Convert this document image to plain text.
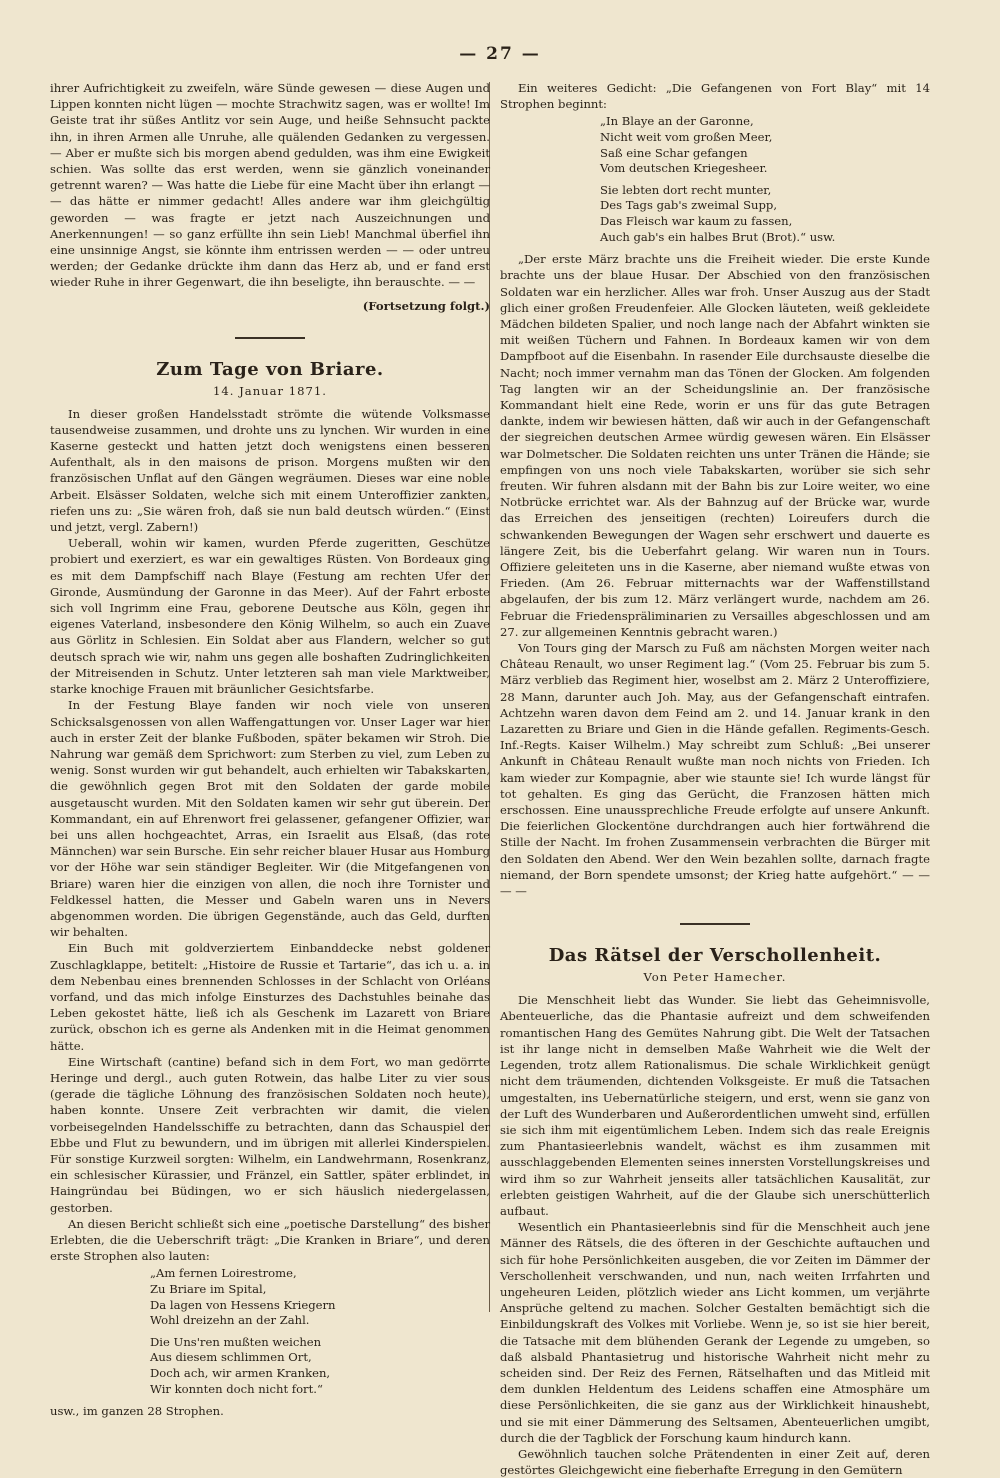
— 27 —

ihrer Aufrichtigkeit zu zweifeln, wäre Sünde gewesen — diese Augen und Lippen konnten nicht lügen — mochte Strachwitz sagen, was er wollte! Im Geiste trat ihr süßes Antlitz vor sein Auge, und heiße Sehnsucht packte ihn, in ihren Armen alle Unruhe, alle quälenden Gedanken zu vergessen. — Aber er mußte sich bis morgen abend gedulden, was ihm eine Ewigkeit schien. Was sollte das erst werden, wenn sie gänzlich voneinander getrennt waren? — Was hatte die Liebe für eine Macht über ihn erlangt — — das hätte er nimmer gedacht! Alles andere war ihm gleichgültig geworden — was fragte er jetzt nach Auszeichnungen und Anerkennungen! — so ganz erfüllte ihn sein Lieb! Manchmal überfiel ihn eine unsinnige Angst, sie könnte ihm entrissen werden — — oder untreu werden; der Gedanke drückte ihm dann das Herz ab, und er fand erst wieder Ruhe in ihrer Gegenwart, die ihn beseligte, ihn berauschte. — —

(Fortsetzung folgt.)
Zum Tage von Briare.
14. Januar 1871.

In dieser großen Handelsstadt strömte die wütende Volksmasse tausendweise zusammen, und drohte uns zu lynchen. Wir wurden in eine Kaserne gesteckt und hatten jetzt doch wenigstens einen besseren Aufenthalt, als in den maisons de prison. Morgens mußten wir den französischen Unflat auf den Gängen wegräumen. Dieses war eine noble Arbeit. Elsässer Soldaten, welche sich mit einem Unteroffizier zankten, riefen uns zu: „Sie wären froh, daß sie nun bald deutsch würden.“ (Einst und jetzt, vergl. Zabern!)

Ueberall, wohin wir kamen, wurden Pferde zugeritten, Geschütze probiert und exerziert, es war ein gewaltiges Rüsten. Von Bordeaux ging es mit dem Dampfschiff nach Blaye (Festung am rechten Ufer der Gironde, Ausmündung der Garonne in das Meer). Auf der Fahrt erboste sich voll Ingrimm eine Frau, geborene Deutsche aus Köln, gegen ihr eigenes Vaterland, insbesondere den König Wilhelm, so auch ein Zuave aus Görlitz in Schlesien. Ein Soldat aber aus Flandern, welcher so gut deutsch sprach wie wir, nahm uns gegen alle boshaften Zudringlichkeiten der Mitreisenden in Schutz. Unter letzteren sah man viele Marktweiber, starke knochige Frauen mit bräunlicher Gesichtsfarbe.

In der Festung Blaye fanden wir noch viele von unseren Schicksalsgenossen von allen Waffengattungen vor. Unser Lager war hier auch in erster Zeit der blanke Fußboden, später bekamen wir Stroh. Die Nahrung war gemäß dem Sprichwort: zum Sterben zu viel, zum Leben zu wenig. Sonst wurden wir gut behandelt, auch erhielten wir Tabakskarten, die gewöhnlich gegen Brot mit den Soldaten der garde mobile ausgetauscht wurden. Mit den Soldaten kamen wir sehr gut überein. Der Kommandant, ein auf Ehrenwort frei gelassener, gefangener Offizier, war bei uns allen hochgeachtet, Arras, ein Israelit aus Elsaß, (das rote Männchen) war sein Bursche. Ein sehr reicher blauer Husar aus Homburg vor der Höhe war sein ständiger Begleiter. Wir (die Mitgefangenen von Briare) waren hier die einzigen von allen, die noch ihre Tornister und Feldkessel hatten, die Messer und Gabeln waren uns in Nevers abgenommen worden. Die übrigen Gegenstände, auch das Geld, durften wir behalten.

Ein Buch mit goldverziertem Einbanddecke nebst goldener Zuschlagklappe, betitelt: „Histoire de Russie et Tartarie“, das ich u. a. in dem Nebenbau eines brennenden Schlosses in der Schlacht von Orléans vorfand, und das mich infolge Einsturzes des Dachstuhles beinahe das Leben gekostet hätte, ließ ich als Geschenk im Lazarett von Briare zurück, obschon ich es gerne als Andenken mit in die Heimat genommen hätte.

Eine Wirtschaft (cantine) befand sich in dem Fort, wo man gedörrte Heringe und dergl., auch guten Rotwein, das halbe Liter zu vier sous (gerade die tägliche Löhnung des französischen Soldaten noch heute), haben konnte. Unsere Zeit verbrachten wir damit, die vielen vorbeisegelnden Handelsschiffe zu betrachten, dann das Schauspiel der Ebbe und Flut zu bewundern, und im übrigen mit allerlei Kinderspielen. Für sonstige Kurzweil sorgten: Wilhelm, ein Landwehrmann, Rosenkranz, ein schlesischer Kürassier, und Fränzel, ein Sattler, später erblindet, in Haingründau bei Büdingen, wo er sich häuslich niedergelassen, gestorben.

An diesen Bericht schließt sich eine „poetische Darstellung“ des bisher Erlebten, die die Ueberschrift trägt: „Die Kranken in Briare“, und deren erste Strophen also lauten:

„Am fernen Loirestrome,
Zu Briare im Spital,
Da lagen von Hessens Kriegern
Wohl dreizehn an der Zahl.
Die Uns'ren mußten weichen
Aus diesem schlimmen Ort,
Doch ach, wir armen Kranken,
Wir konnten doch nicht fort.“

usw., im ganzen 28 Strophen.

Ein weiteres Gedicht: „Die Gefangenen von Fort Blay“ mit 14 Strophen beginnt:

„In Blaye an der Garonne,
Nicht weit vom großen Meer,
Saß eine Schar gefangen
Vom deutschen Kriegesheer.
Sie lebten dort recht munter,
Des Tags gab's zweimal Supp,
Das Fleisch war kaum zu fassen,
Auch gab's ein halbes Brut (Brot).“ usw.

„Der erste März brachte uns die Freiheit wieder. Die erste Kunde brachte uns der blaue Husar. Der Abschied von den französischen Soldaten war ein herzlicher. Alles war froh. Unser Auszug aus der Stadt glich einer großen Freudenfeier. Alle Glocken läuteten, weiß gekleidete Mädchen bildeten Spalier, und noch lange nach der Abfahrt winkten sie mit weißen Tüchern und Fahnen. In Bordeaux kamen wir von dem Dampfboot auf die Eisenbahn. In rasender Eile durchsauste dieselbe die Nacht; noch immer vernahm man das Tönen der Glocken. Am folgenden Tag langten wir an der Scheidungslinie an. Der französische Kommandant hielt eine Rede, worin er uns für das gute Betragen dankte, indem wir bewiesen hätten, daß wir auch in der Gefangenschaft der siegreichen deutschen Armee würdig gewesen wären. Ein Elsässer war Dolmetscher. Die Soldaten reichten uns unter Tränen die Hände; sie empfingen von uns noch viele Tabakskarten, worüber sie sich sehr freuten. Wir fuhren alsdann mit der Bahn bis zur Loire weiter, wo eine Notbrücke errichtet war. Als der Bahnzug auf der Brücke war, wurde das Erreichen des jenseitigen (rechten) Loireufers durch die schwankenden Bewegungen der Wagen sehr erschwert und dauerte es längere Zeit, bis die Ueberfahrt gelang. Wir waren nun in Tours. Offiziere geleiteten uns in die Kaserne, aber niemand wußte etwas von Frieden. (Am 26. Februar mitternachts war der Waffenstillstand abgelaufen, der bis zum 12. März verlängert wurde, nachdem am 26. Februar die Friedenspräliminarien zu Versailles abgeschlossen und am 27. zur allgemeinen Kenntnis gebracht waren.)

Von Tours ging der Marsch zu Fuß am nächsten Morgen weiter nach Château Renault, wo unser Regiment lag.“ (Vom 25. Februar bis zum 5. März verblieb das Regiment hier, woselbst am 2. März 2 Unteroffiziere, 28 Mann, darunter auch Joh. May, aus der Gefangenschaft eintrafen. Achtzehn waren davon dem Feind am 2. und 14. Januar krank in den Lazaretten zu Briare und Gien in die Hände gefallen. Regiments-Gesch. Inf.-Regts. Kaiser Wilhelm.) May schreibt zum Schluß: „Bei unserer Ankunft in Château Renault wußte man noch nichts von Frieden. Ich kam wieder zur Kompagnie, aber wie staunte sie! Ich wurde längst für tot gehalten. Es ging das Gerücht, die Franzosen hätten mich erschossen. Eine unaussprechliche Freude erfolgte auf unsere Ankunft. Die feierlichen Glockentöne durchdrangen auch hier fortwährend die Stille der Nacht. Im frohen Zusammensein verbrachten die Bürger mit den Soldaten den Abend. Wer den Wein bezahlen sollte, darnach fragte niemand, der Born spendete umsonst; der Krieg hatte aufgehört.“ — — — —

Das Rätsel der Verschollenheit.
Von Peter Hamecher.

Die Menschheit liebt das Wunder. Sie liebt das Geheimnisvolle, Abenteuerliche, das die Phantasie aufreizt und dem schweifenden romantischen Hang des Gemütes Nahrung gibt. Die Welt der Tatsachen ist ihr lange nicht in demselben Maße Wahrheit wie die Welt der Legenden, trotz allem Rationalismus. Die schale Wirklichkeit genügt nicht dem träumenden, dichtenden Volksgeiste. Er muß die Tatsachen umgestalten, ins Uebernatürliche steigern, und erst, wenn sie ganz von der Luft des Wunderbaren und Außerordentlichen umweht sind, erfüllen sie sich ihm mit eigentümlichem Leben. Indem sich das reale Ereignis zum Phantasieerlebnis wandelt, wächst es ihm zusammen mit ausschlaggebenden Elementen seines innersten Vorstellungskreises und wird ihm so zur Wahrheit jenseits aller tatsächlichen Kausalität, zur erlebten geistigen Wahrheit, auf die der Glaube sich unerschütterlich aufbaut.

Wesentlich ein Phantasieerlebnis sind für die Menschheit auch jene Männer des Rätsels, die des öfteren in der Geschichte auftauchen und sich für hohe Persönlichkeiten ausgeben, die vor Zeiten im Dämmer der Verschollenheit verschwanden, und nun, nach weiten Irrfahrten und ungeheuren Leiden, plötzlich wieder ans Licht kommen, um verjährte Ansprüche geltend zu machen. Solcher Gestalten bemächtigt sich die Einbildungskraft des Volkes mit Vorliebe. Wenn je, so ist sie hier bereit, die Tatsache mit dem blühenden Gerank der Legende zu umgeben, so daß alsbald Phantasietrug und historische Wahrheit nicht mehr zu scheiden sind. Der Reiz des Fernen, Rätselhaften und das Mitleid mit dem dunklen Heldentum des Leidens schaffen eine Atmosphäre um diese Persönlichkeiten, die sie ganz aus der Wirklichkeit hinaushebt, und sie mit einer Dämmerung des Seltsamen, Abenteuerlichen umgibt, durch die der Tagblick der Forschung kaum hindurch kann.

Gewöhnlich tauchen solche Prätendenten in einer Zeit auf, deren gestörtes Gleichgewicht eine fieberhafte Erregung in den Gemütern
